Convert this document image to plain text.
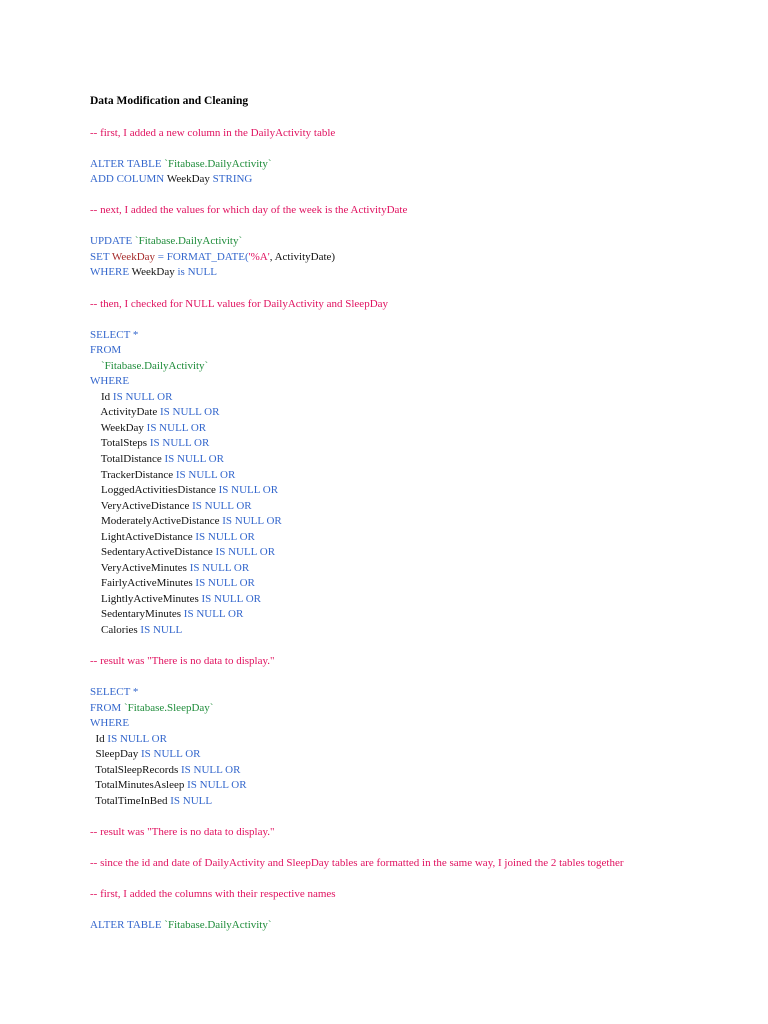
Data Modification and Cleaning
-- first, I added a new column in the DailyActivity table
ALTER TABLE `Fitabase.DailyActivity`
ADD COLUMN WeekDay STRING
-- next, I added the values for which day of the week is the ActivityDate
UPDATE `Fitabase.DailyActivity`
SET WeekDay = FORMAT_DATE('%A', ActivityDate)
WHERE WeekDay is NULL
-- then, I checked for NULL values for DailyActivity and SleepDay
SELECT *
FROM
`Fitabase.DailyActivity`
WHERE
Id IS NULL OR
ActivityDate IS NULL OR
WeekDay IS NULL OR
TotalSteps IS NULL OR
TotalDistance IS NULL OR
TrackerDistance IS NULL OR
LoggedActivitiesDistance IS NULL OR
VeryActiveDistance IS NULL OR
ModeratelyActiveDistance IS NULL OR
LightActiveDistance IS NULL OR
SedentaryActiveDistance IS NULL OR
VeryActiveMinutes IS NULL OR
FairlyActiveMinutes IS NULL OR
LightlyActiveMinutes IS NULL OR
SedentaryMinutes IS NULL OR
Calories IS NULL
-- result was "There is no data to display."
SELECT *
FROM `Fitabase.SleepDay`
WHERE
Id IS NULL OR
SleepDay IS NULL OR
TotalSleepRecords IS NULL OR
TotalMinutesAsleep IS NULL OR
TotalTimeInBed IS NULL
-- result was "There is no data to display."
-- since the id and date of DailyActivity and SleepDay tables are formatted in the same way, I joined the 2 tables together
-- first, I added the columns with their respective names
ALTER TABLE `Fitabase.DailyActivity`
